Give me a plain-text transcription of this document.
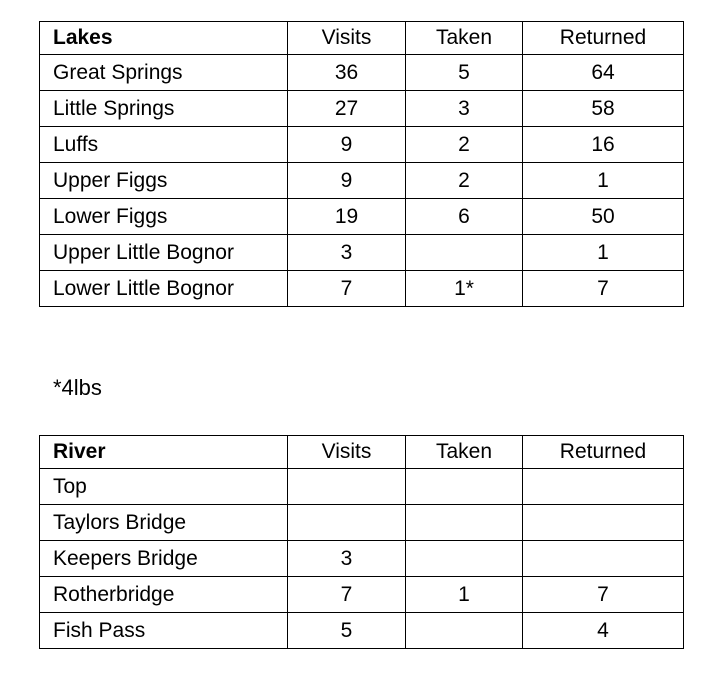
Lakes	Visits	Taken	Returned
Great Springs	36	5	64
Little Springs	27	3	58
Luffs	9	2	16
Upper Figgs	9	2	1
Lower Figgs	19	6	50
Upper Little Bognor	3		1
Lower Little Bognor	7	1*	7
*4lbs
River	Visits	Taken	Returned
Top			
Taylors Bridge			
Keepers Bridge	3		
Rotherbridge	7	1	7
Fish Pass	5		4
